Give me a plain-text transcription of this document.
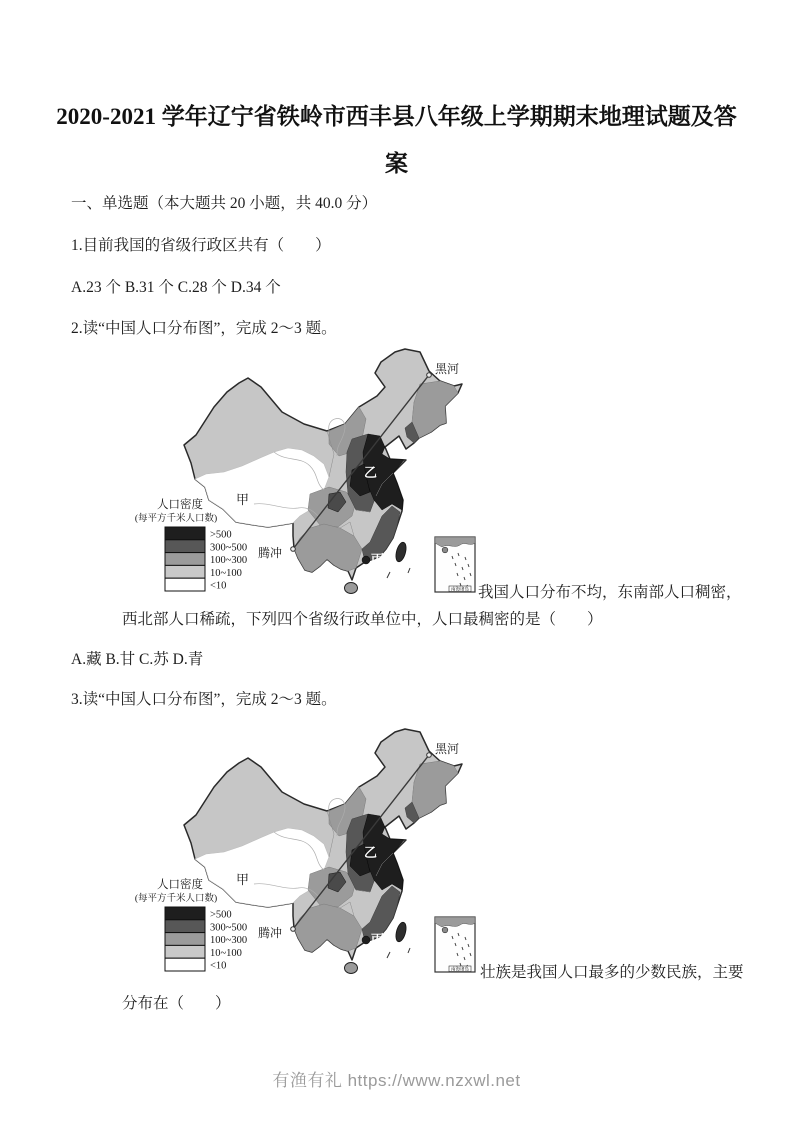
2020-2021 学年辽宁省铁岭市西丰县八年级上学期期末地理试题及答
案
一、单选题（本大题共 20 小题，共 40.0 分）
1.目前我国的省级行政区共有（　　）
A.23 个 B.31 个 C.28 个 D.34 个
2.读“中国人口分布图”，完成 2～3 题。
黑河
腾冲
甲
乙
丙
人口密度
(每平方千米人口数)
>500
300~500
100~300
10~100
<10	南海诸岛 我国人口分布不均，东南部人口稠密，
西北部人口稀疏，下列四个省级行政单位中，人口最稠密的是（　　）
A.藏 B.甘 C.苏 D.青
3.读“中国人口分布图”，完成 2～3 题。
黑河
腾冲
甲
乙
丙
人口密度
(每平方千米人口数)
>500
300~500
100~300
10~100
<10	南海诸岛 壮族是我国人口最多的少数民族，主要
分布在（　　）
有渔有礼 https://www.nzxwl.net
